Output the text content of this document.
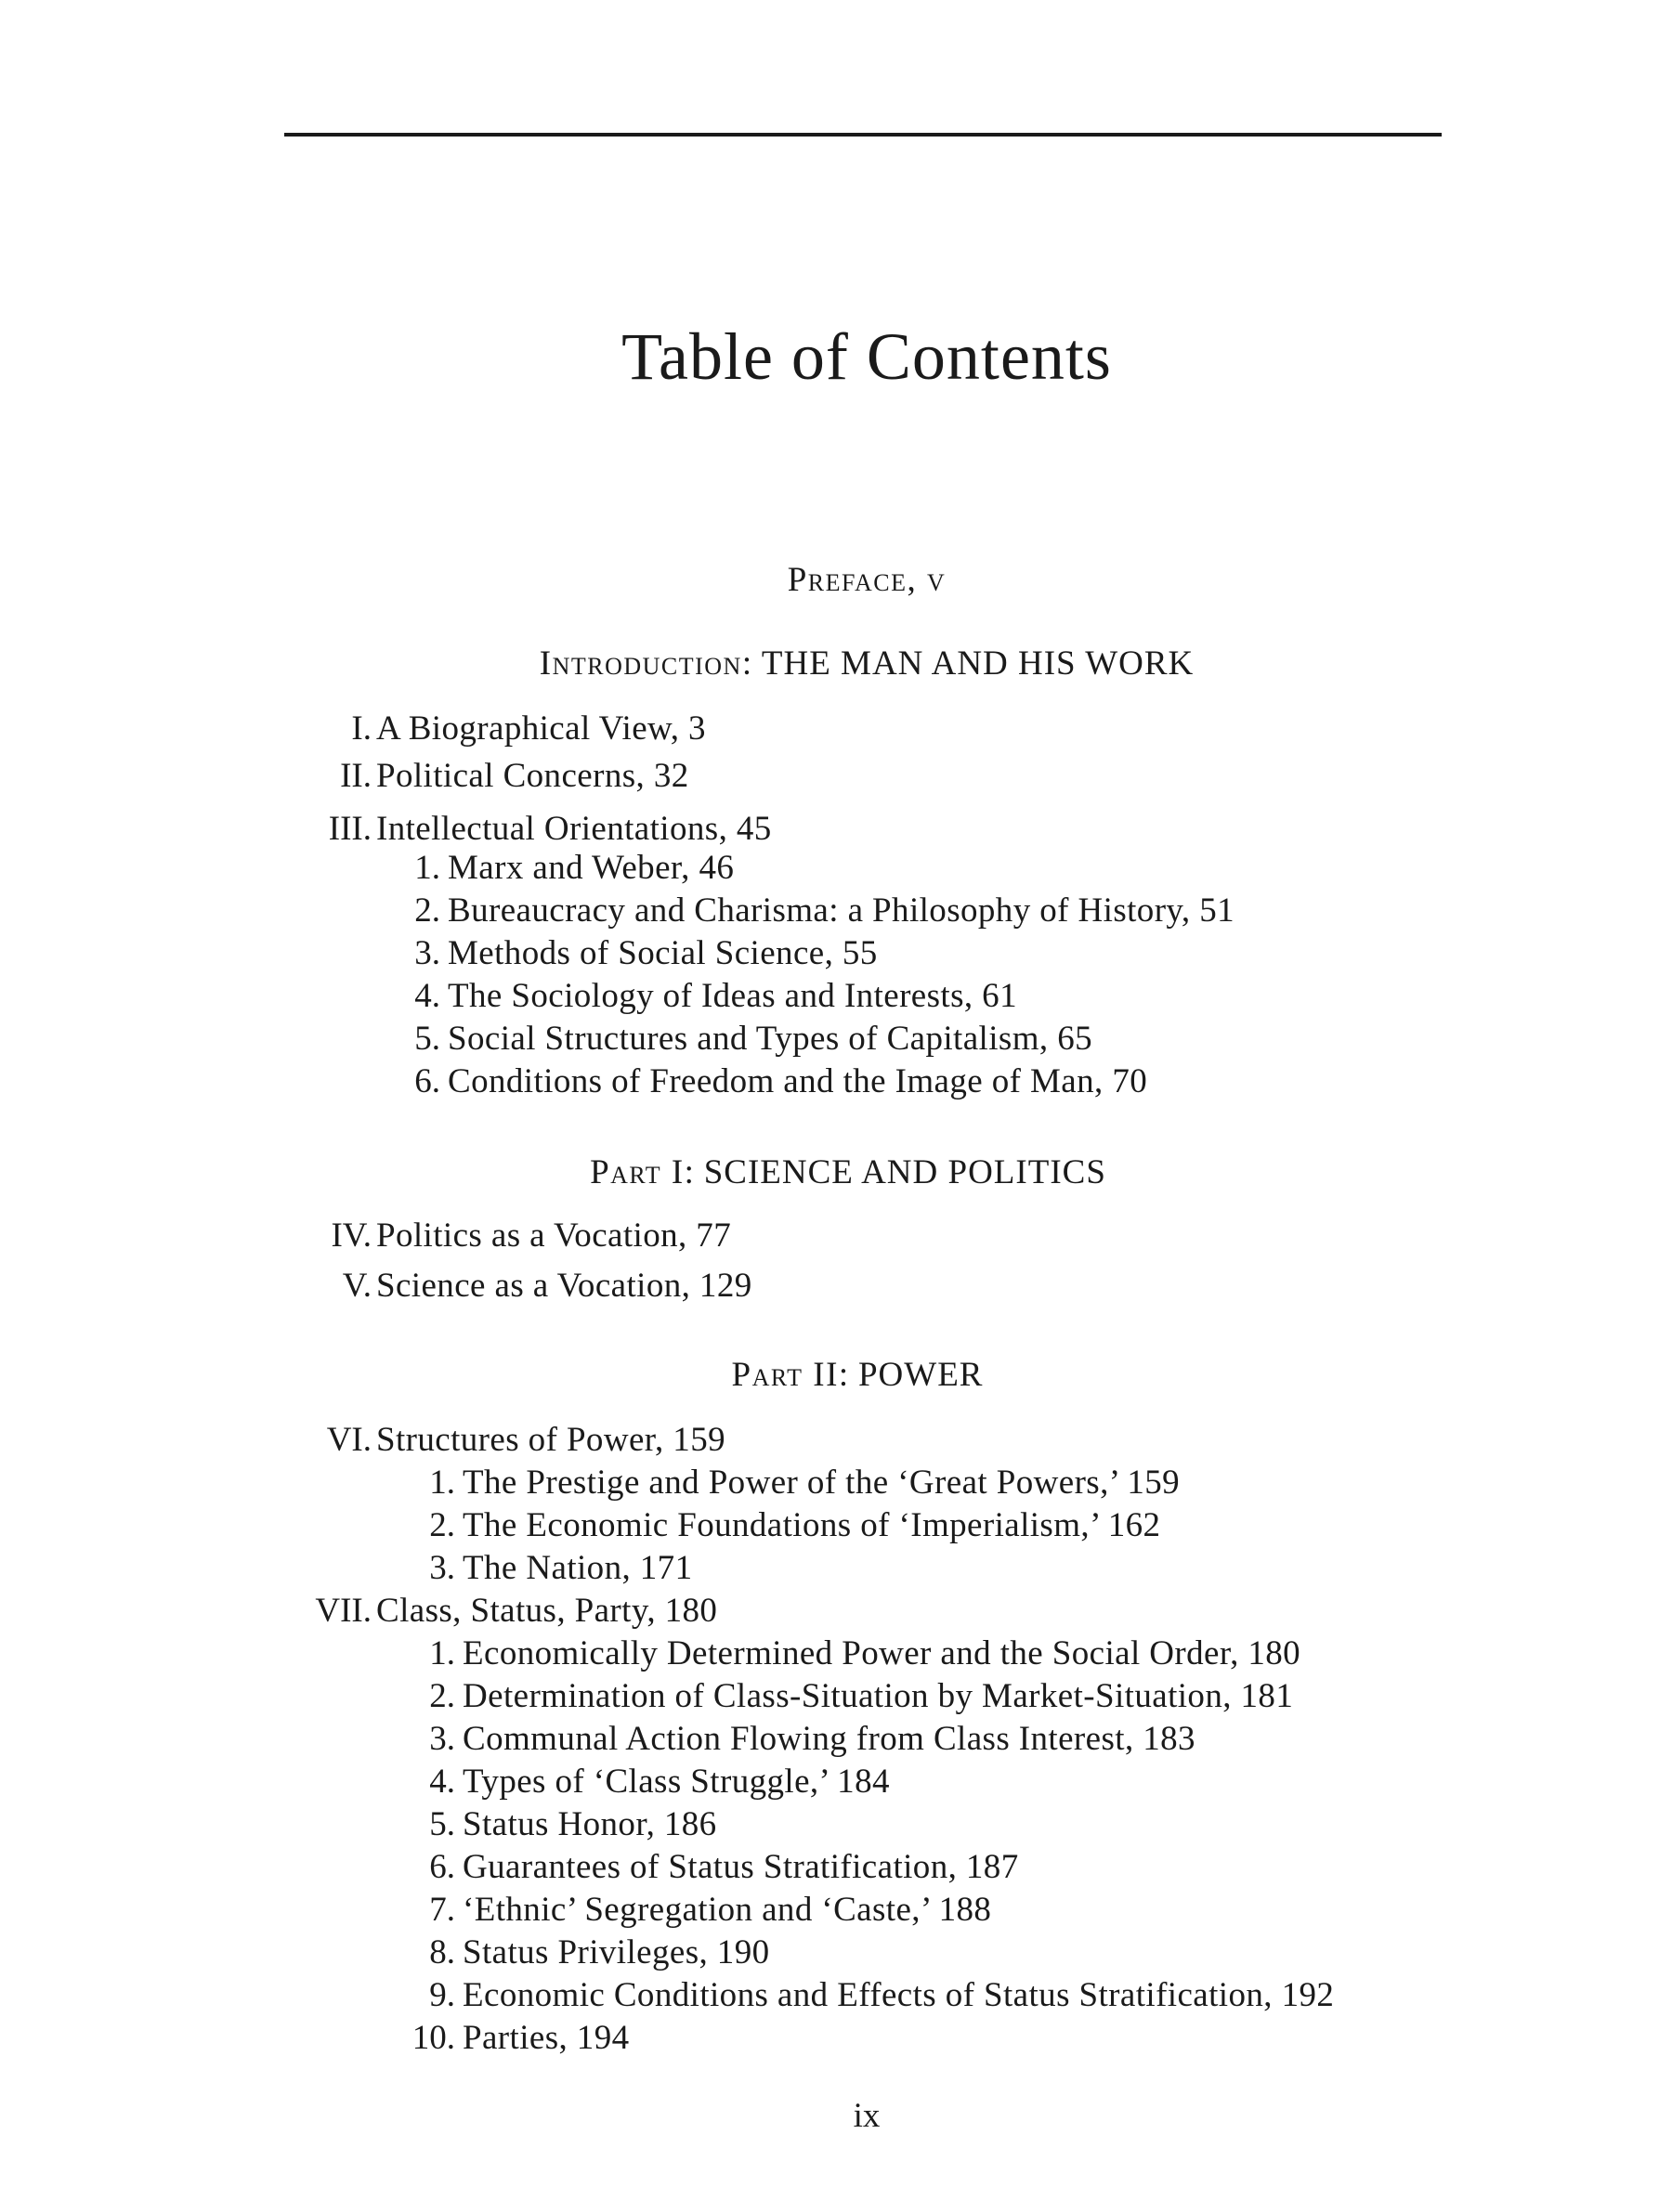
Table of Contents
Preface, v
Introduction: THE MAN AND HIS WORK
I. A Biographical View, 3
II. Political Concerns, 32
III. Intellectual Orientations, 45
1. Marx and Weber, 46
2. Bureaucracy and Charisma: a Philosophy of History, 51
3. Methods of Social Science, 55
4. The Sociology of Ideas and Interests, 61
5. Social Structures and Types of Capitalism, 65
6. Conditions of Freedom and the Image of Man, 70
Part I: SCIENCE AND POLITICS
IV. Politics as a Vocation, 77
V. Science as a Vocation, 129
Part II: POWER
VI. Structures of Power, 159
1. The Prestige and Power of the ‘Great Powers,’ 159
2. The Economic Foundations of ‘Imperialism,’ 162
3. The Nation, 171
VII. Class, Status, Party, 180
1. Economically Determined Power and the Social Order, 180
2. Determination of Class-Situation by Market-Situation, 181
3. Communal Action Flowing from Class Interest, 183
4. Types of ‘Class Struggle,’ 184
5. Status Honor, 186
6. Guarantees of Status Stratification, 187
7. ‘Ethnic’ Segregation and ‘Caste,’ 188
8. Status Privileges, 190
9. Economic Conditions and Effects of Status Stratification, 192
10. Parties, 194
ix
